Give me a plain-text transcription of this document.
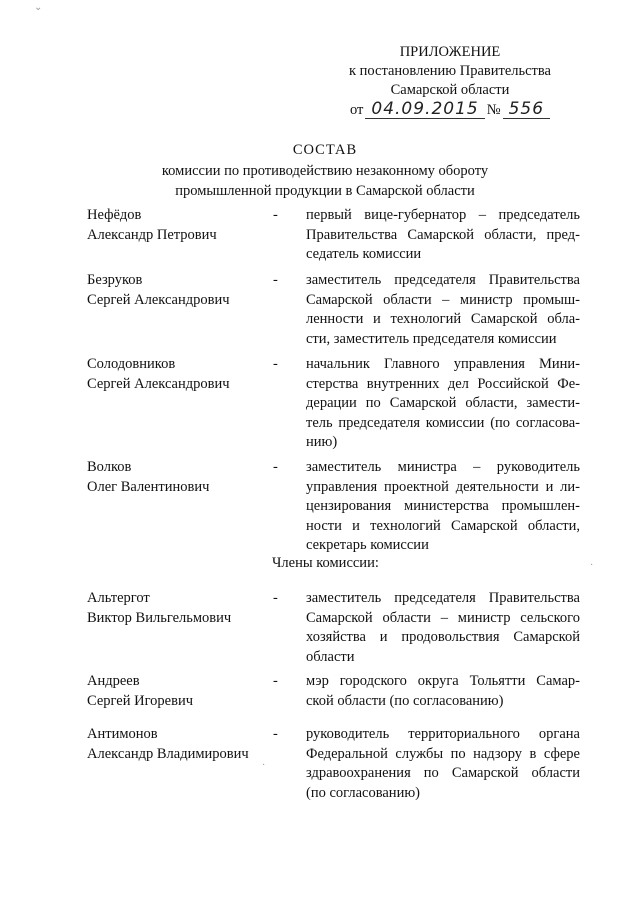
⌄
ПРИЛОЖЕНИЕ
к постановлению Правительства
Самарской области
от 04.09.2015 № 556
СОСТАВ
комиссии по противодействию незаконному обороту
промышленной продукции в Самарской области
Нефёдов
Александр Петрович
-	первый вице-губернатор – председатель
Правительства Самарской области, пред-
седатель комиссии
Безруков
Сергей Александрович
-	заместитель председателя Правительства
Самарской области – министр промыш-
ленности и технологий Самарской обла-
сти, заместитель председателя комиссии
Солодовников
Сергей Александрович
-	начальник Главного управления Мини-
стерства внутренних дел Российской Фе-
дерации по Самарской области, замести-
тель председателя комиссии (по согласова-
нию)
Волков
Олег Валентинович
-	заместитель министра – руководитель
управления проектной деятельности и ли-
цензирования министерства промышлен-
ности и технологий Самарской области,
секретарь комиссии
Члены комиссии:
Альтергот
Виктор Вильгельмович
-	заместитель председателя Правительства
Самарской области – министр сельского
хозяйства и продовольствия Самарской
области
Андреев
Сергей Игоревич
-	мэр городского округа Тольятти Самар-
ской области (по согласованию)
Антимонов
Александр Владимирович
-	руководитель территориального органа
Федеральной службы по надзору в сфере
здравоохранения по Самарской области
(по согласованию)
·
·
